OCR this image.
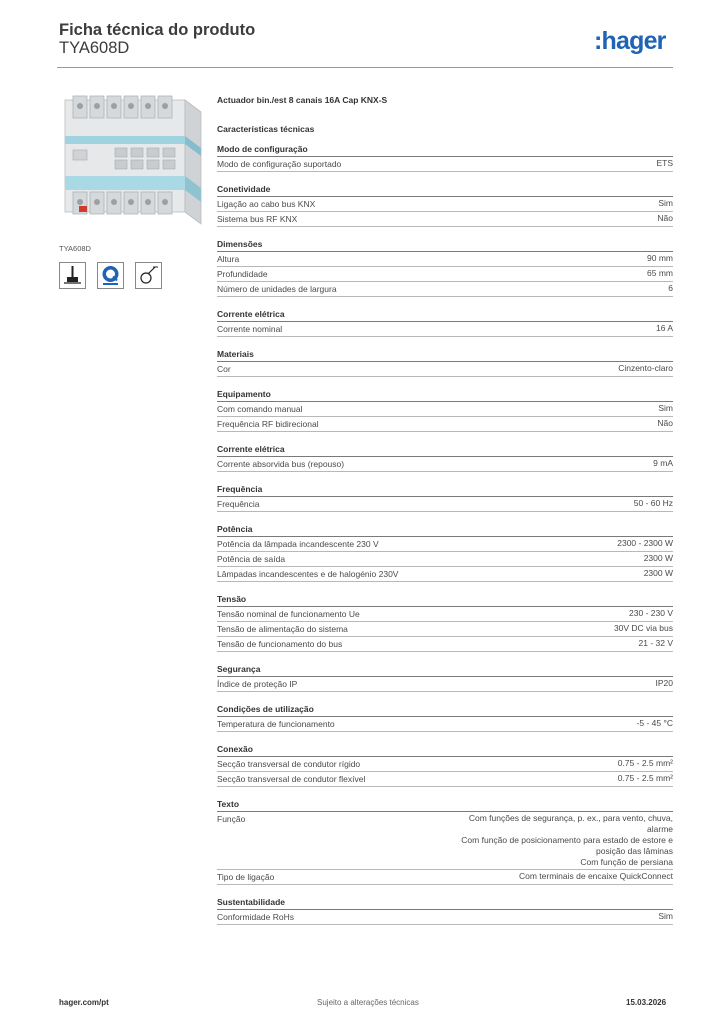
Ficha técnica do produto
TYA608D	:hager
TYA608D
Actuador bin./est 8 canais 16A Cap KNX-S
Características técnicas
Modo de configuração
Modo de configuração suportado	ETS
Conetividade
Ligação ao cabo bus KNX	Sim
Sistema bus RF KNX	Não
Dimensões
Altura	90 mm
Profundidade	65 mm
Número de unidades de largura	6
Corrente elétrica
Corrente nominal	16 A
Materiais
Cor	Cinzento-claro
Equipamento
Com comando manual	Sim
Frequência RF bidirecional	Não
Corrente elétrica
Corrente absorvida bus (repouso)	9 mA
Frequência
Frequência	50 - 60 Hz
Potência
Potência da lâmpada incandescente 230 V	2300 - 2300 W
Potência de saída	2300 W
Lâmpadas incandescentes e de halogénio 230V	2300 W
Tensão
Tensão nominal de funcionamento Ue	230 - 230 V
Tensão de alimentação do sistema	30V DC via bus
Tensão de funcionamento do bus	21 - 32 V
Segurança
Índice de proteção IP	IP20
Condições de utilização
Temperatura de funcionamento	-5 - 45 °C
Conexão
Secção transversal de condutor rígido	0.75 - 2.5 mm²
Secção transversal de condutor flexível	0.75 - 2.5 mm²
Texto
Função	Com funções de segurança, p. ex., para vento, chuva,
alarme
Com função de posicionamento para estado de estore e
posição das lâminas
Com função de persiana
Tipo de ligação	Com terminais de encaixe QuickConnect
Sustentabilidade
Conformidade RoHs	Sim
hager.com/pt	Sujeito a alterações técnicas	15.03.2026
